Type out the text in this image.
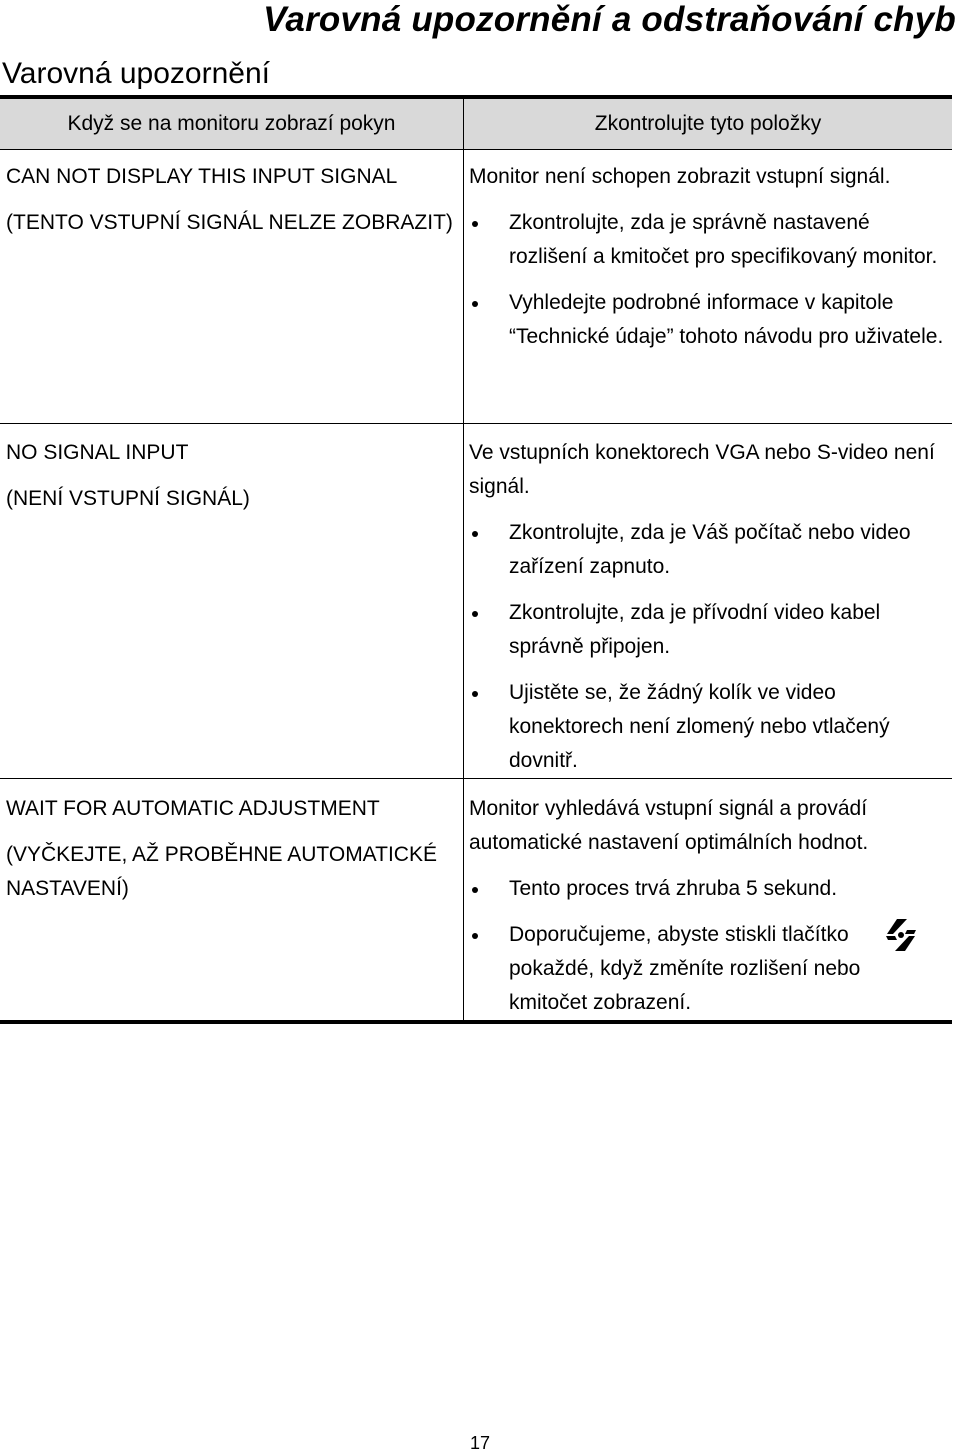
Varovná upozornění a odstraňování chyb
Varovná upozornění
Když se na monitoru zobrazí pokyn	Zkontrolujte tyto položky

CAN NOT DISPLAY THIS INPUT SIGNAL

(TENTO VSTUPNÍ SIGNÁL NELZE ZOBRAZIT)

Monitor není schopen zobrazit vstupní signál.

Zkontrolujte, zda je správně nastavené rozlišení a kmitočet pro specifikovaný monitor.
Vyhledejte podrobné informace v kapitole “Technické údaje” tohoto návodu pro uživatele.

NO SIGNAL INPUT

(NENÍ VSTUPNÍ SIGNÁL)

Ve vstupních konektorech VGA nebo S-video není signál.

Zkontrolujte, zda je Váš počítač nebo video zařízení zapnuto.
Zkontrolujte, zda je přívodní video kabel správně připojen.
Ujistěte se, že žádný kolík ve video konektorech není zlomený nebo vtlačený dovnitř.

WAIT FOR AUTOMATIC ADJUSTMENT

(VYČKEJTE, AŽ PROBĚHNE AUTOMATICKÉ NASTAVENÍ)

Monitor vyhledává vstupní signál a provádí automatické nastavení optimálních hodnot.

Tento proces trvá zhruba 5 sekund.
Doporučujeme, abyste stiskli tlačítko pokaždé, když změníte rozlišení nebo kmitočet zobrazení.
17
